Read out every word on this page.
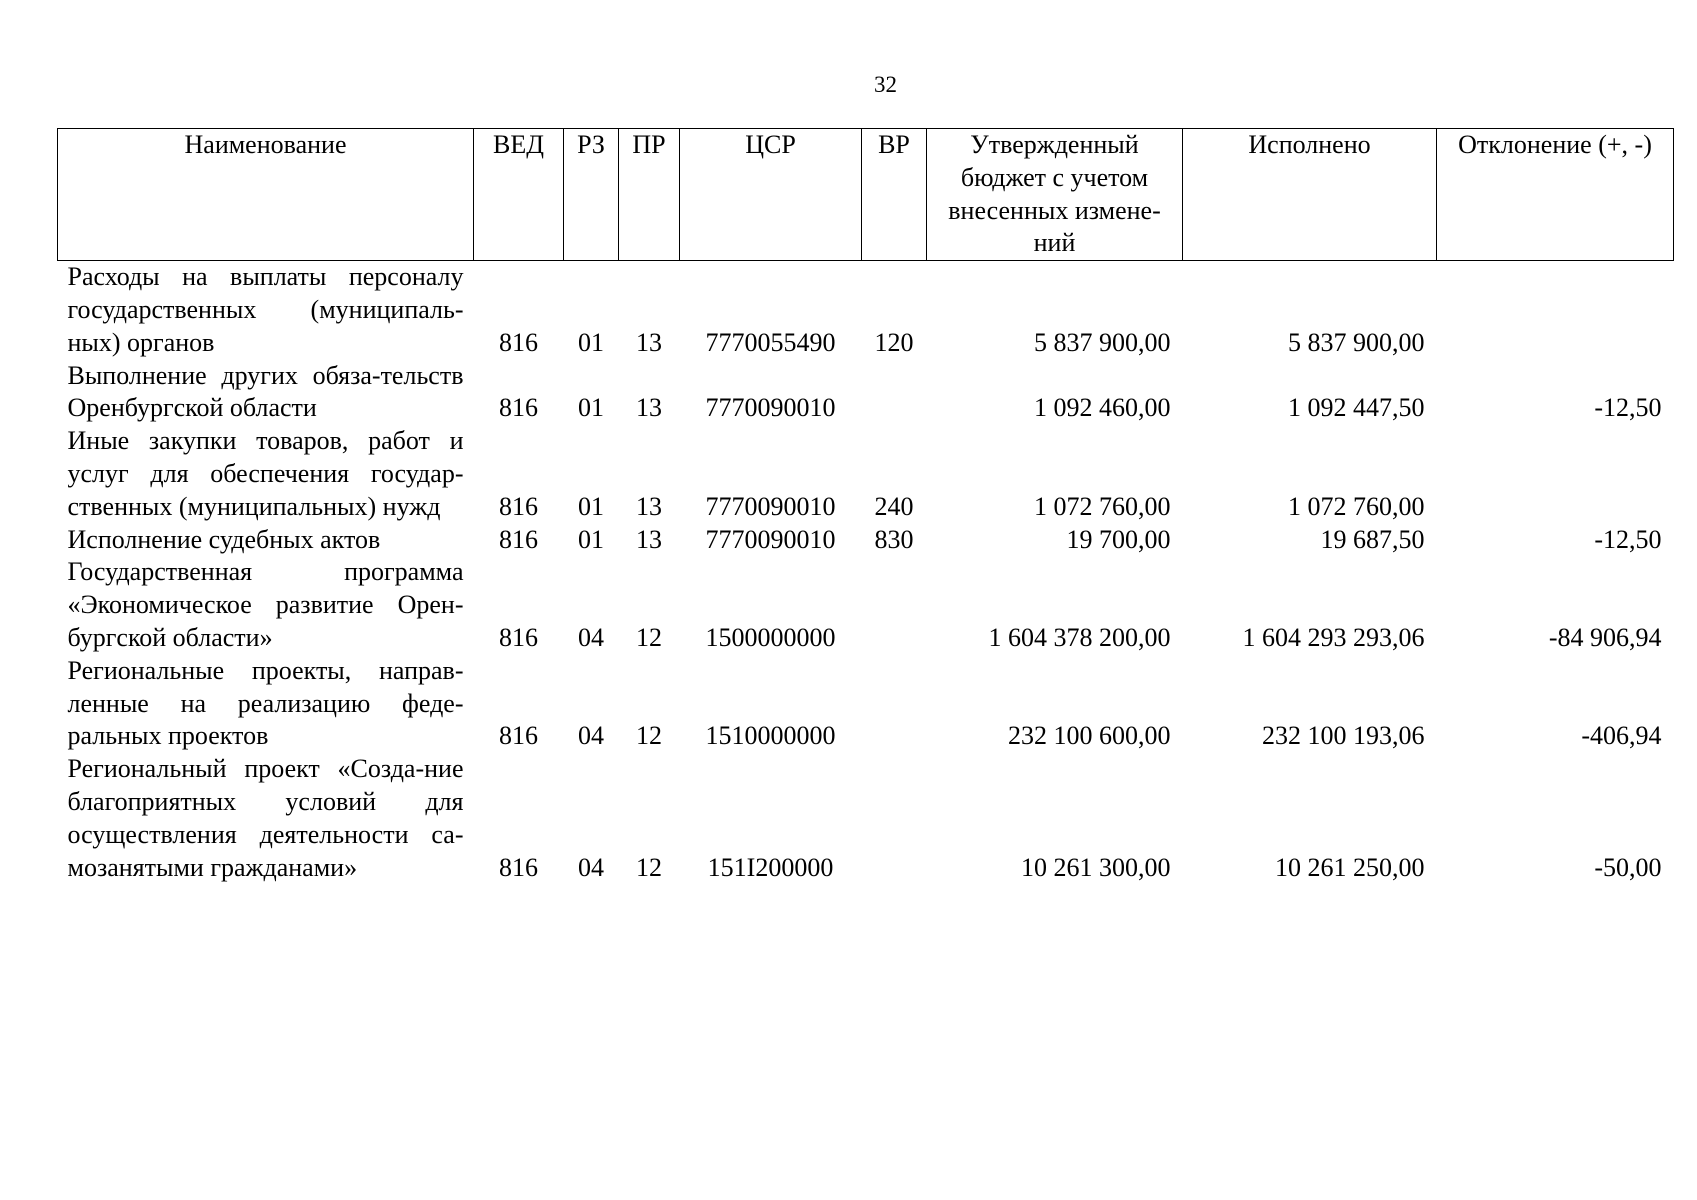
32
Наименование	ВЕД	РЗ	ПР	ЦСР	ВР	Утвержденный бюджет с учетом внесенных измене-ний	Исполнено	Отклонение (+, -)
Расходы на выплаты персоналу государственных (муниципаль-ных) органов	816	01	13	7770055490	120	5 837 900,00	5 837 900,00	
Выполнение других обяза-тельств Оренбургской области	816	01	13	7770090010		1 092 460,00	1 092 447,50	-12,50
Иные закупки товаров, работ и услуг для обеспечения государ-ственных (муниципальных) нужд	816	01	13	7770090010	240	1 072 760,00	1 072 760,00	
Исполнение судебных актов	816	01	13	7770090010	830	19 700,00	19 687,50	-12,50
Государственная программа «Экономическое развитие Орен-бургской области»	816	04	12	1500000000		1 604 378 200,00	1 604 293 293,06	-84 906,94
Региональные проекты, направ-ленные на реализацию феде-ральных проектов	816	04	12	1510000000		232 100 600,00	232 100 193,06	-406,94
Региональный проект «Созда-ние благоприятных условий для осуществления деятельности са-мозанятыми гражданами»	816	04	12	151I200000		10 261 300,00	10 261 250,00	-50,00
